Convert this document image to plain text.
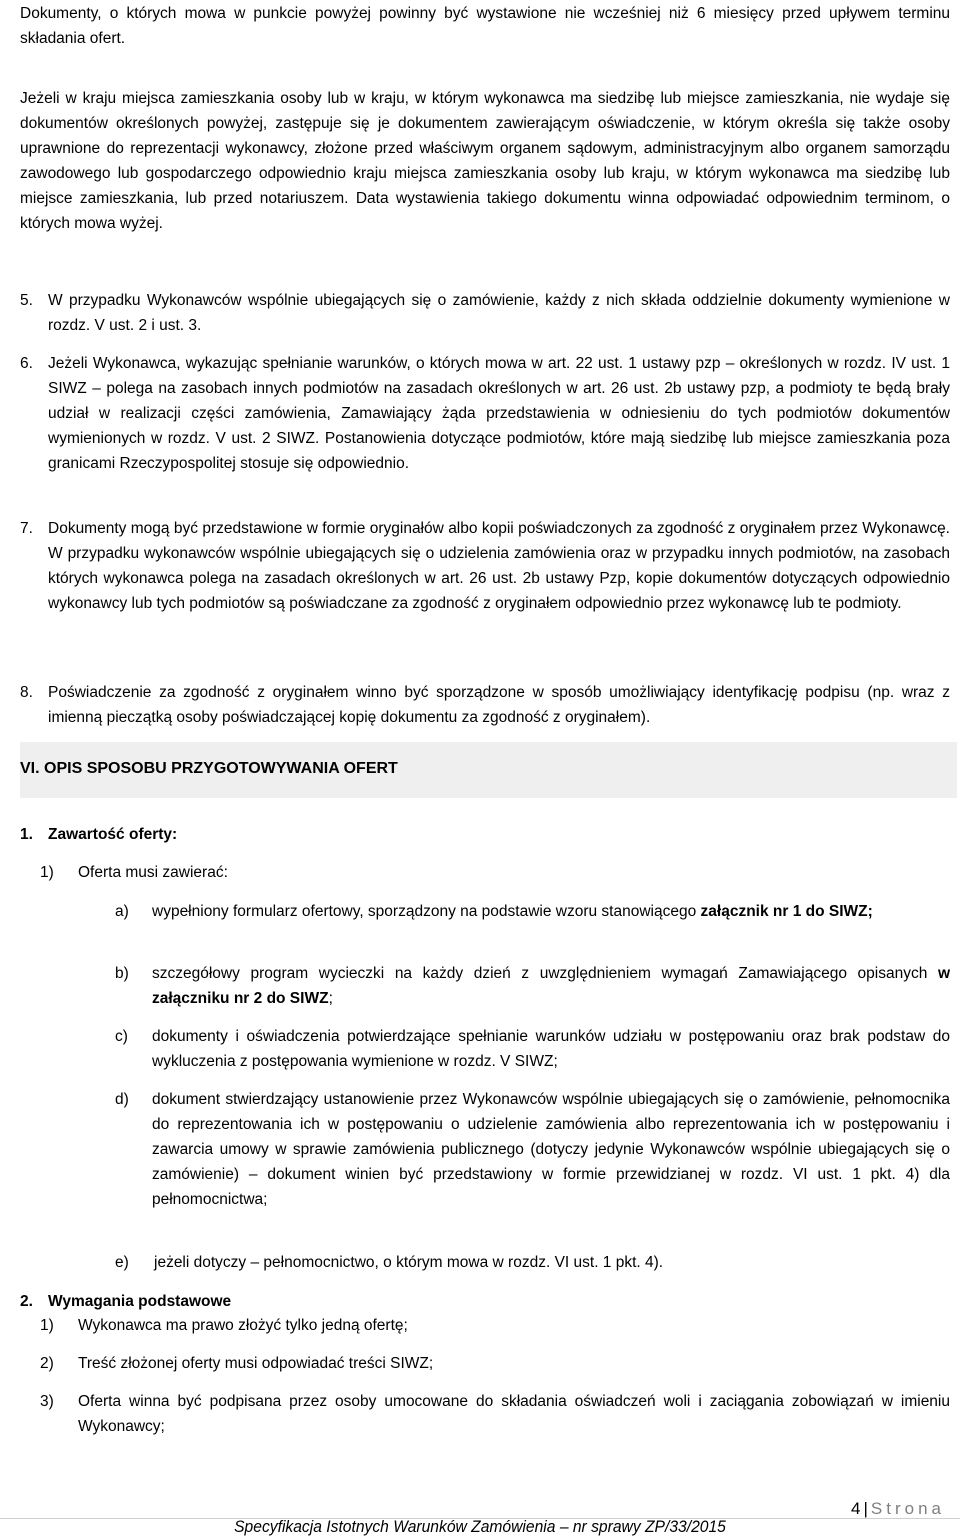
Dokumenty, o których mowa w punkcie powyżej powinny być wystawione nie wcześniej niż 6 miesięcy przed upływem terminu składania ofert.

Jeżeli w kraju miejsca zamieszkania osoby lub w kraju, w którym wykonawca ma siedzibę lub miejsce zamieszkania, nie wydaje się dokumentów określonych powyżej, zastępuje się je dokumentem zawierającym oświadczenie, w którym określa się także osoby uprawnione do reprezentacji wykonawcy, złożone przed właściwym organem sądowym, administracyjnym albo organem samorządu zawodowego lub gospodarczego odpowiednio kraju miejsca zamieszkania osoby lub kraju, w którym wykonawca ma siedzibę lub miejsce zamieszkania, lub przed notariuszem. Data wystawienia takiego dokumentu winna odpowiadać odpowiednim terminom, o których mowa wyżej.

5. W przypadku Wykonawców wspólnie ubiegających się o zamówienie, każdy z nich składa oddzielnie dokumenty wymienione w rozdz. V ust. 2 i ust. 3.

6. Jeżeli Wykonawca, wykazując spełnianie warunków, o których mowa w art. 22 ust. 1 ustawy pzp – określonych w rozdz. IV ust. 1 SIWZ – polega na zasobach innych podmiotów na zasadach określonych w art. 26 ust. 2b ustawy pzp, a podmioty te będą brały udział w realizacji części zamówienia, Zamawiający żąda przedstawienia w odniesieniu do tych podmiotów dokumentów wymienionych w rozdz. V ust. 2 SIWZ. Postanowienia dotyczące podmiotów, które mają siedzibę lub miejsce zamieszkania poza granicami Rzeczypospolitej stosuje się odpowiednio.

7. Dokumenty mogą być przedstawione w formie oryginałów albo kopii poświadczonych za zgodność z oryginałem przez Wykonawcę. W przypadku wykonawców wspólnie ubiegających się o udzielenia zamówienia oraz w przypadku innych podmiotów, na zasobach których wykonawca polega na zasadach określonych w art. 26 ust. 2b ustawy Pzp, kopie dokumentów dotyczących odpowiednio wykonawcy lub tych podmiotów są poświadczane za zgodność z oryginałem odpowiednio przez wykonawcę lub te podmioty.

8. Poświadczenie za zgodność z oryginałem winno być sporządzone w sposób umożliwiający identyfikację podpisu (np. wraz z imienną pieczątką osoby poświadczającej kopię dokumentu za zgodność z oryginałem).

VI. OPIS SPOSOBU PRZYGOTOWYWANIA OFERT
1. Zawartość oferty:
1) Oferta musi zawierać:
a) wypełniony formularz ofertowy, sporządzony na podstawie wzoru stanowiącego załącznik nr 1 do SIWZ;

b) szczegółowy program wycieczki na każdy dzień z uwzględnieniem wymagań Zamawiającego opisanych w załączniku nr 2 do SIWZ;

c) dokumenty i oświadczenia potwierdzające spełnianie warunków udziału w postępowaniu oraz brak podstaw do wykluczenia z postępowania wymienione w rozdz. V SIWZ;

d) dokument stwierdzający ustanowienie przez Wykonawców wspólnie ubiegających się o zamówienie, pełnomocnika do reprezentowania ich w postępowaniu o udzielenie zamówienia albo reprezentowania ich w postępowaniu i zawarcia umowy w sprawie zamówienia publicznego (dotyczy jedynie Wykonawców wspólnie ubiegających się o zamówienie) – dokument winien być przedstawiony w formie przewidzianej w rozdz. VI ust. 1 pkt. 4) dla pełnomocnictwa;

e) jeżeli dotyczy – pełnomocnictwo, o którym mowa w rozdz. VI ust. 1 pkt. 4).

2. Wymagania podstawowe
1) Wykonawca ma prawo złożyć tylko jedną ofertę;
2) Treść złożonej oferty musi odpowiadać treści SIWZ;
3) Oferta winna być podpisana przez osoby umocowane do składania oświadczeń woli i zaciągania zobowiązań w imieniu Wykonawcy;

4 | Strona
Specyfikacja Istotnych Warunków Zamówienia – nr sprawy ZP/33/2015
